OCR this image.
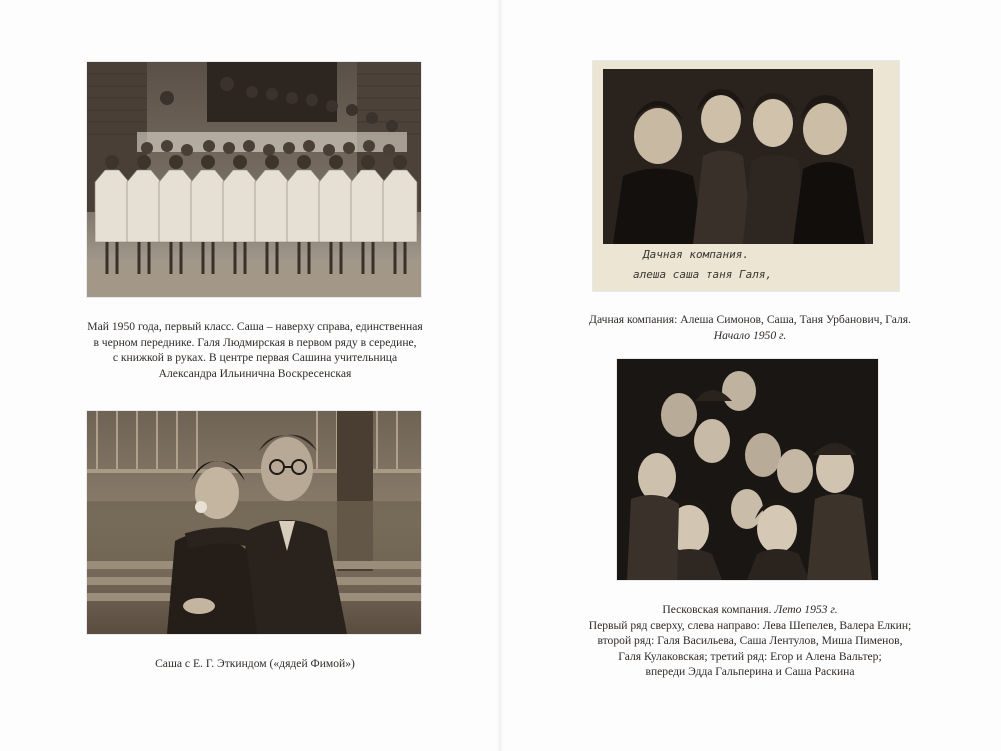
Май 1950 года, первый класс. Саша – наверху справа, единственная
в черном переднике. Галя Людмирская в первом ряду в середине,
с книжкой в руках. В центре первая Сашина учительница
Александра Ильинична Воскресенская
Саша с Е. Г. Эткиндом («дядей Фимой»)
Дачная компания.
алеша саша таня Галя,
Дачная компания: Алеша Симонов, Саша, Таня Урбанович, Галя.
Начало 1950 г.
Песковская компания. Лето 1953 г.
Первый ряд сверху, слева направо: Лева Шепелев, Валера Елкин;
второй ряд: Галя Васильева, Саша Лентулов, Миша Пименов,
Галя Кулаковская; третий ряд: Егор и Алена Вальтер;
впереди Эдда Гальперина и Саша Раскина
